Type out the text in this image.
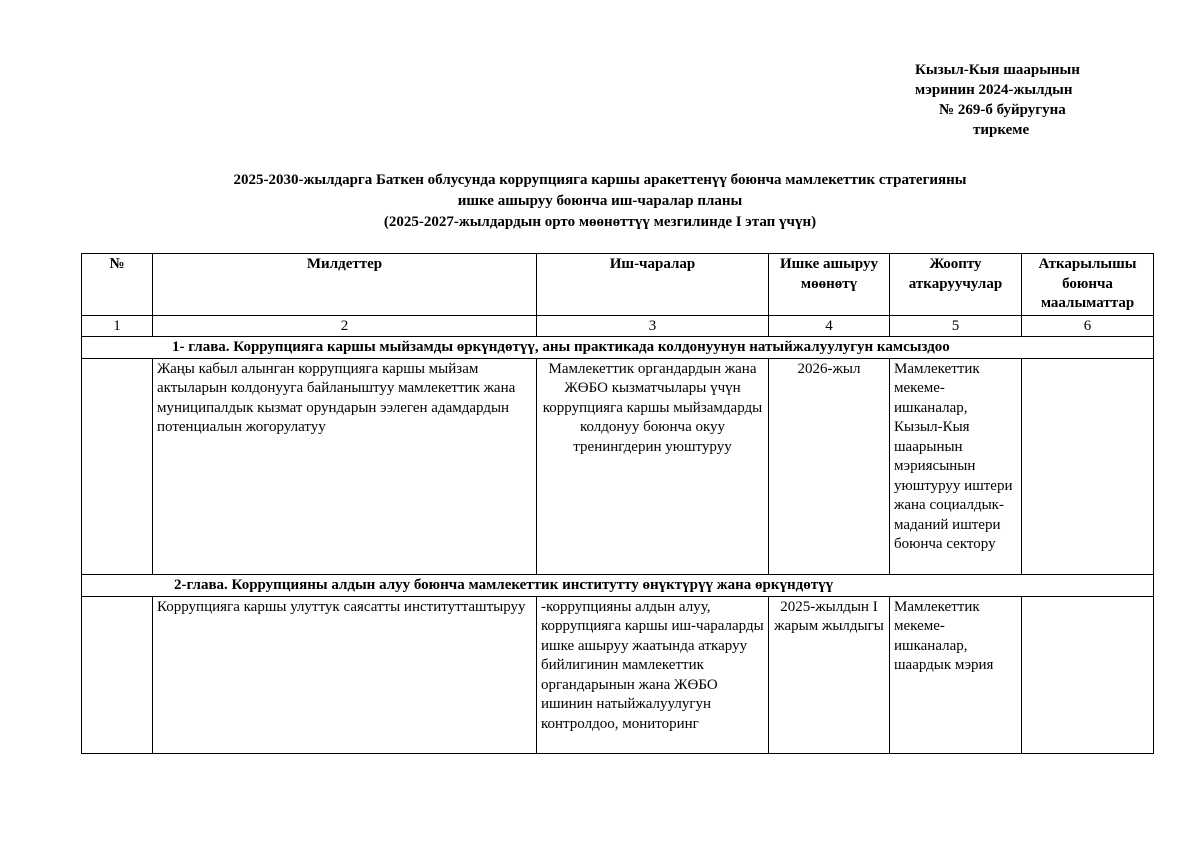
Кызыл-Кыя шаарынын
мэринин 2024-жылдын
№ 269-б буйругуна
тиркеме
2025-2030-жылдарга Баткен облусунда коррупцияга каршы аракеттенүү боюнча мамлекеттик стратегияны
ишке ашыруу боюнча иш-чаралар планы
(2025-2027-жылдардын орто мөөнөттүү мезгилинде I этап үчүн)
№	Милдеттер	Иш-чаралар	Ишке ашыруу мөөнөтү	Жоопту аткаруучулар	Аткарылышы боюнча маалыматтар
1	2	3	4	5	6
1- глава. Коррупцияга каршы мыйзамды өркүндөтүү, аны практикада колдонуунун натыйжалуулугун камсыздоо					
	Жаңы кабыл алынган коррупцияга каршы мыйзам актыларын колдонууга байланыштуу мамлекеттик жана муниципалдык кызмат орундарын ээлеген адамдардын потенциалын жогорулатуу	Мамлекеттик органдардын жана ЖӨБО кызматчылары үчүн коррупцияга каршы мыйзамдарды колдонуу боюнча окуу тренингдерин уюштуруу	2026-жыл	Мамлекеттик мекеме-ишканалар, Кызыл-Кыя шаарынын мэриясынын уюштуруу иштери жана социалдык-маданий иштери боюнча сектору	
2-глава. Коррупцияны алдын алуу боюнча мамлекеттик институтту өнүктүрүү жана өркүндөтүү					
	Коррупцияга каршы улуттук саясатты институтташтыруу	-коррупцияны алдын алуу, коррупцияга каршы иш-чараларды ишке ашыруу жаатында аткаруу бийлигинин мамлекеттик органдарынын жана ЖӨБО ишинин натыйжалуулугун контролдоо, мониторинг	2025-жылдын I жарым жылдыгы	Мамлекеттик мекеме-ишканалар, шаардык мэрия	
